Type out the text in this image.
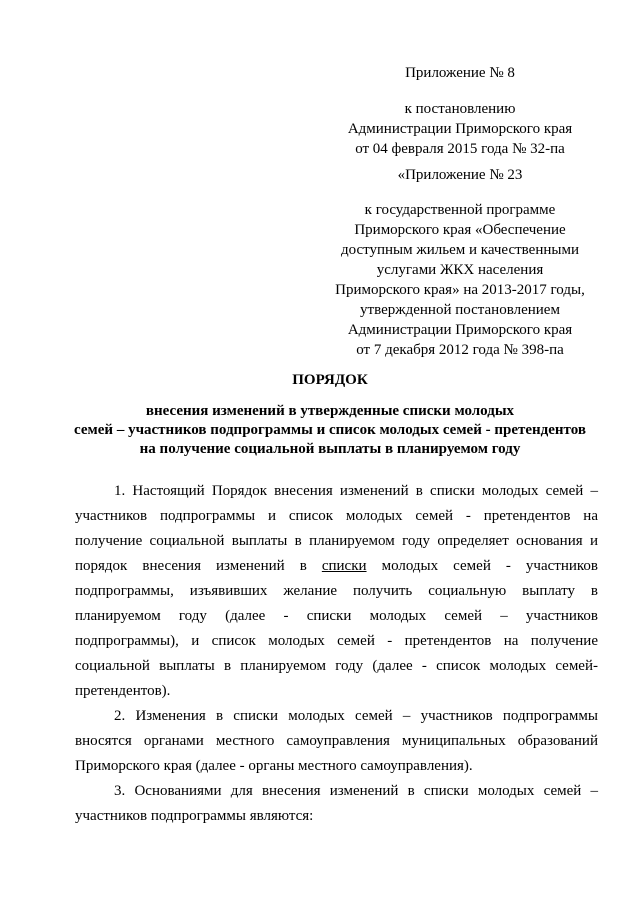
Приложение № 8
к постановлению
Администрации Приморского края
от 04 февраля 2015 года № 32-па
«Приложение № 23
к государственной программе
Приморского края «Обеспечение
доступным жильем и качественными
услугами ЖКХ населения
Приморского края» на 2013-2017 годы,
утвержденной постановлением
Администрации Приморского края
от 7 декабря 2012 года № 398-па
ПОРЯДОК
внесения изменений в утвержденные списки молодых
семей – участников подпрограммы и список молодых семей - претендентов
на получение социальной выплаты в планируемом году
1. Настоящий Порядок внесения изменений в списки молодых семей –
участников подпрограммы и список молодых семей - претендентов на
получение социальной выплаты в планируемом году определяет основания и
порядок внесения изменений в списки молодых семей - участников
подпрограммы, изъявивших желание получить социальную выплату в
планируемом году (далее - списки молодых семей – участников
подпрограммы), и список молодых семей - претендентов на получение
социальной выплаты в планируемом году (далее - список молодых семей-
претендентов).
2. Изменения в списки молодых семей – участников подпрограммы
вносятся органами местного самоуправления муниципальных образований
Приморского края (далее - органы местного самоуправления).
3. Основаниями для внесения изменений в списки молодых семей –
участников подпрограммы являются:
